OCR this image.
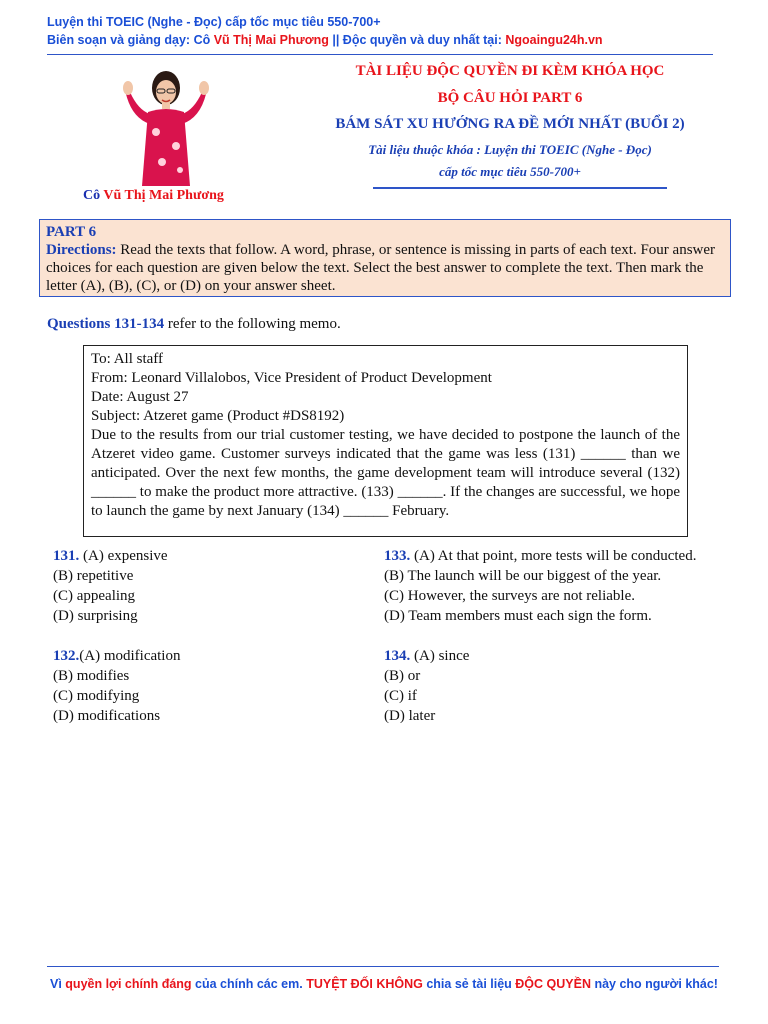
Luyện thi TOEIC (Nghe - Đọc) cấp tốc mục tiêu 550-700+
Biên soạn và giảng dạy: Cô Vũ Thị Mai Phương || Độc quyền và duy nhất tại: Ngoaingu24h.vn
Cô Vũ Thị Mai Phương
TÀI LIỆU ĐỘC QUYỀN ĐI KÈM KHÓA HỌC
BỘ CÂU HỎI PART 6
BÁM SÁT XU HƯỚNG RA ĐỀ MỚI NHẤT (BUỔI 2)
Tài liệu thuộc khóa : Luyện thi TOEIC (Nghe - Đọc)
cấp tốc mục tiêu 550-700+
PART 6
Directions: Read the texts that follow. A word, phrase, or sentence is missing in parts of each text. Four answer choices for each question are given below the text. Select the best answer to complete the text. Then mark the letter (A), (B), (C), or (D) on your answer sheet.
Questions 131-134 refer to the following memo.
To: All staff
From: Leonard Villalobos, Vice President of Product Development
Date: August 27
Subject: Atzeret game (Product #DS8192)
Due to the results from our trial customer testing, we have decided to postpone the launch of the Atzeret video game. Customer surveys indicated that the game was less (131) ______ than we anticipated. Over the next few months, the game development team will introduce several (132) ______ to make the product more attractive. (133) ______. If the changes are successful, we hope to launch the game by next January (134) ______ February.
131. (A) expensive
(B) repetitive
(C) appealing
(D) surprising
133. (A) At that point, more tests will be conducted.
(B) The launch will be our biggest of the year.
(C) However, the surveys are not reliable.
(D) Team members must each sign the form.
132.(A) modification
(B) modifies
(C) modifying
(D) modifications
134. (A) since
(B) or
(C) if
(D) later
Vì quyền lợi chính đáng của chính các em. TUYỆT ĐỐI KHÔNG chia sẻ tài liệu ĐỘC QUYỀN này cho người khác!
